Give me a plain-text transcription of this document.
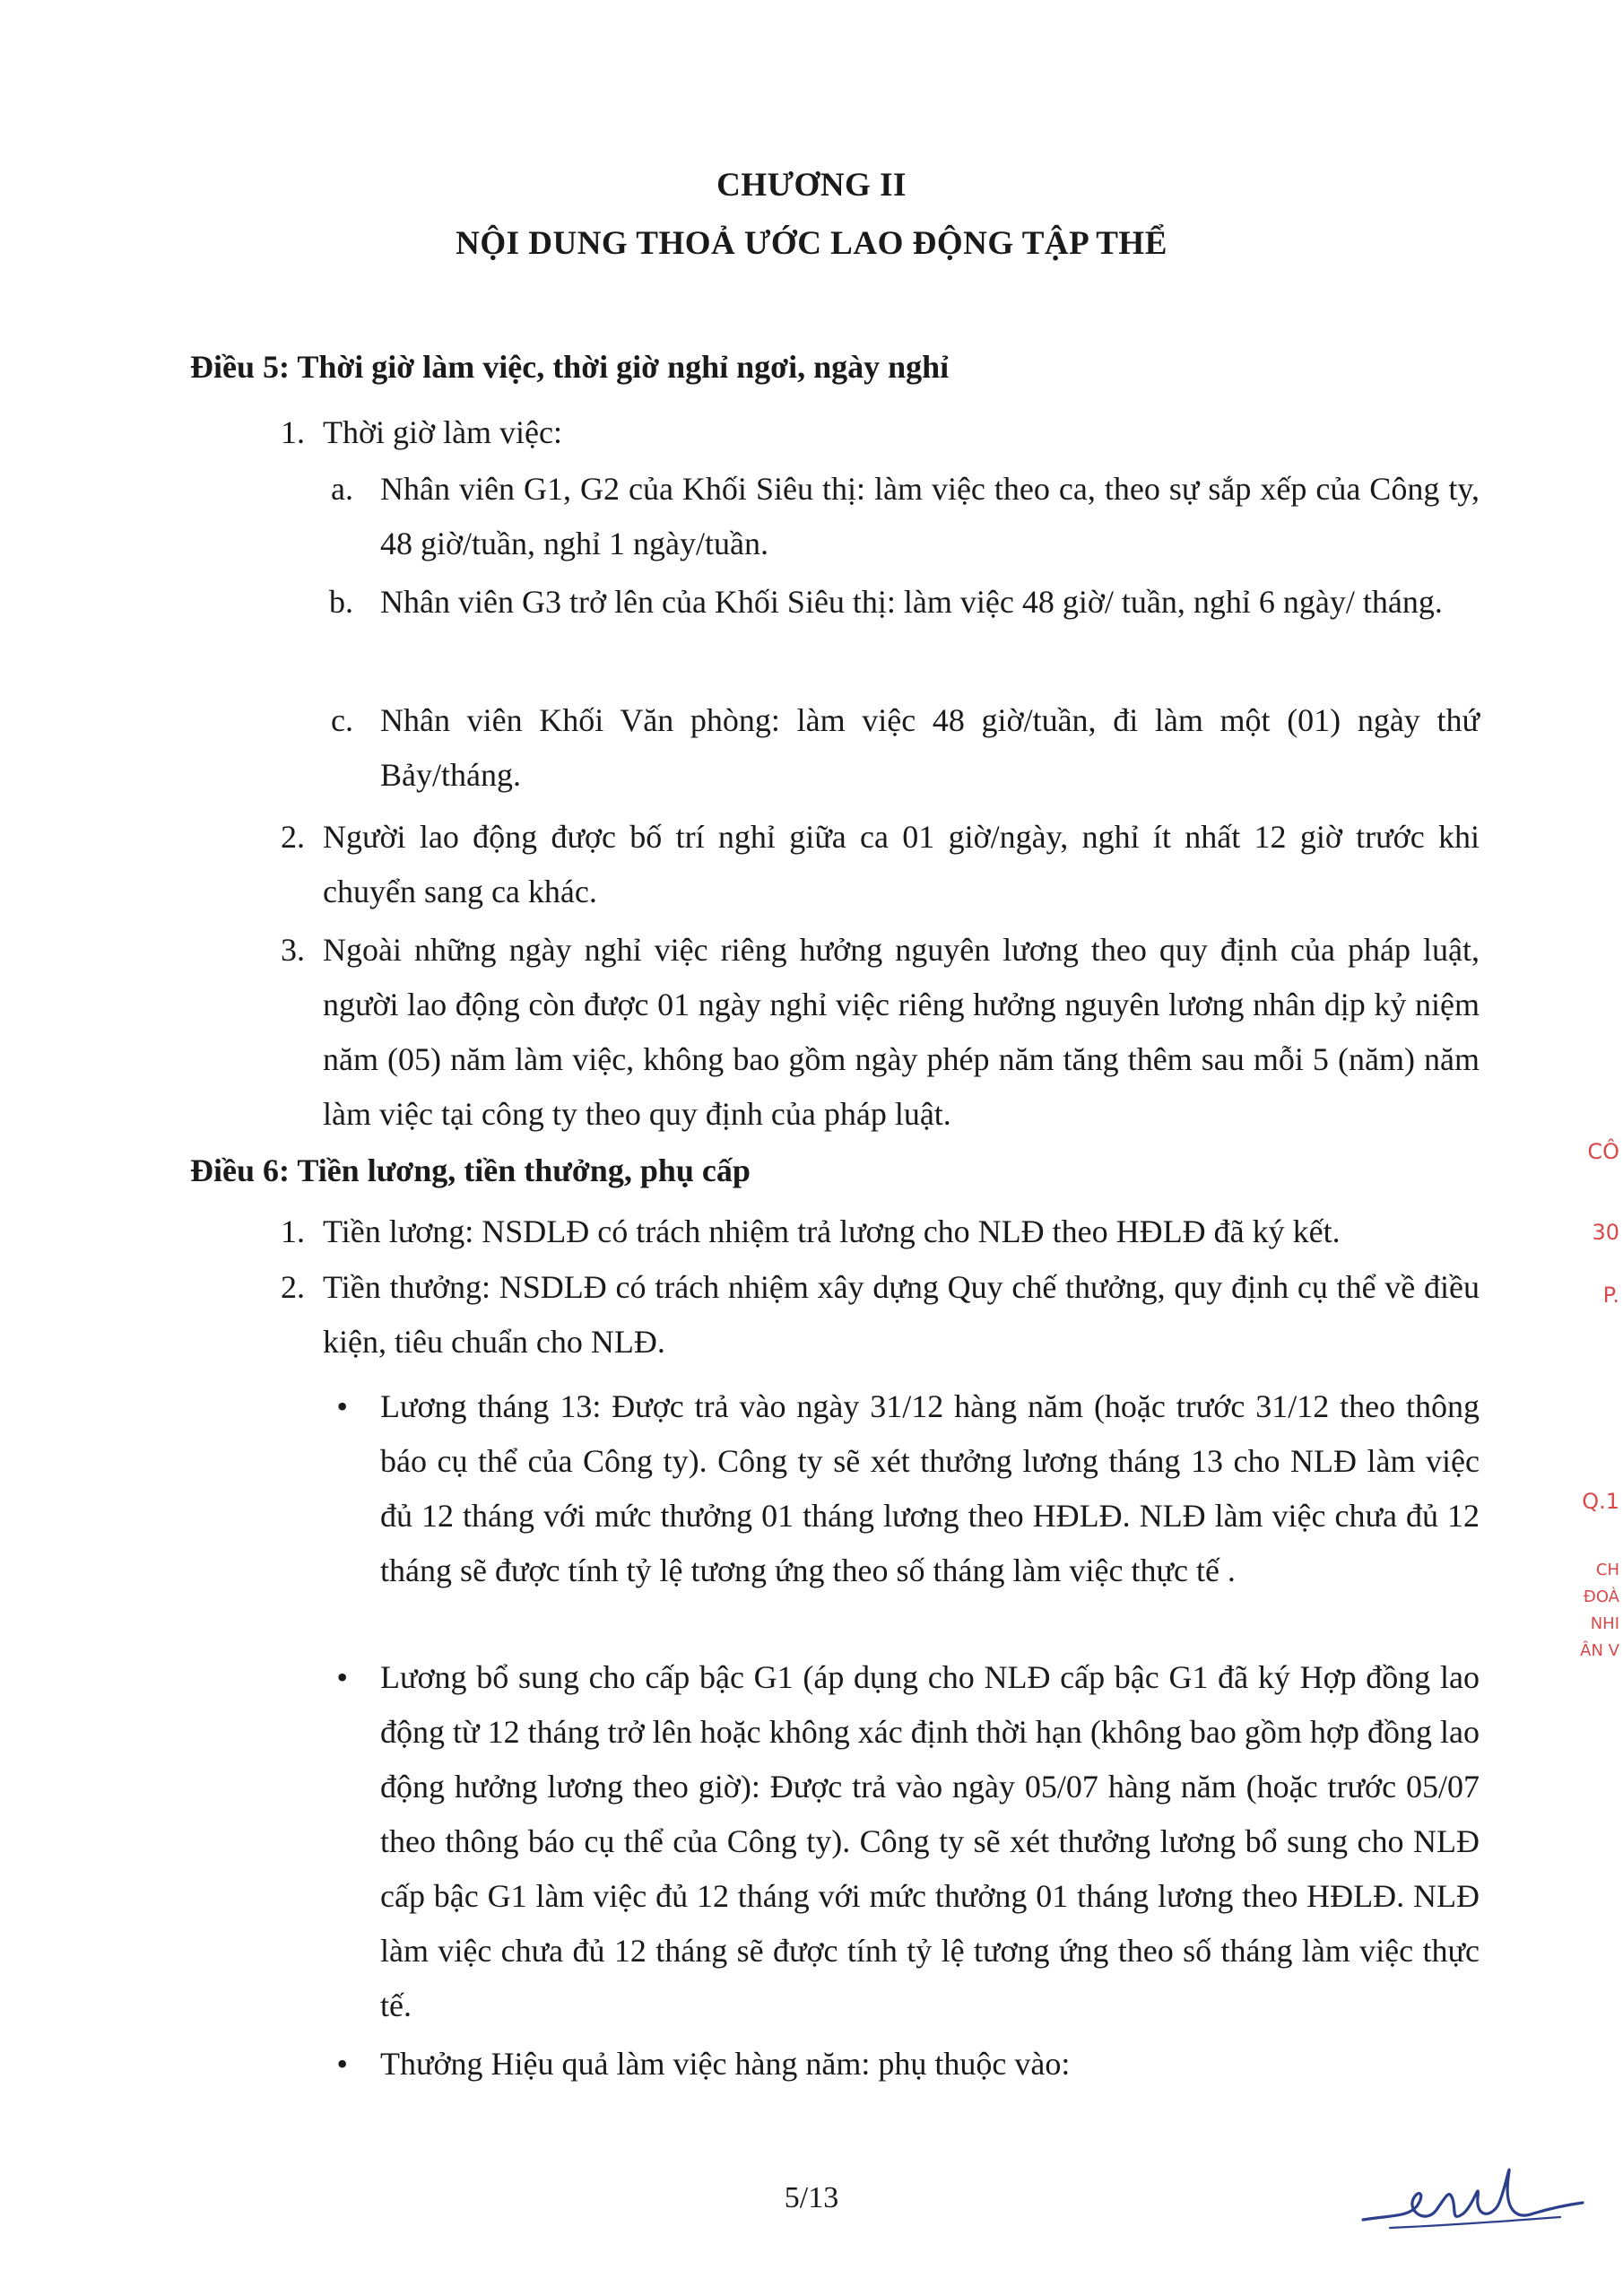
CHƯƠNG II
NỘI DUNG THOẢ ƯỚC LAO ĐỘNG TẬP THỂ
Điều 5: Thời giờ làm việc, thời giờ nghỉ ngơi, ngày nghỉ
1. Thời giờ làm việc:
a. Nhân viên G1, G2 của Khối Siêu thị: làm việc theo ca, theo sự sắp xếp của Công ty, 48 giờ/tuần, nghỉ 1 ngày/tuần.
b. Nhân viên G3 trở lên của Khối Siêu thị: làm việc 48 giờ/ tuần, nghỉ 6 ngày/ tháng.
c. Nhân viên Khối Văn phòng: làm việc 48 giờ/tuần, đi làm một (01) ngày thứ Bảy/tháng.
2. Người lao động được bố trí nghỉ giữa ca 01 giờ/ngày, nghỉ ít nhất 12 giờ trước khi chuyển sang ca khác.
3. Ngoài những ngày nghỉ việc riêng hưởng nguyên lương theo quy định của pháp luật, người lao động còn được 01 ngày nghỉ việc riêng hưởng nguyên lương nhân dịp kỷ niệm năm (05) năm làm việc, không bao gồm ngày phép năm tăng thêm sau mỗi 5 (năm) năm làm việc tại công ty theo quy định của pháp luật.
Điều 6: Tiền lương, tiền thưởng, phụ cấp
1. Tiền lương: NSDLĐ có trách nhiệm trả lương cho NLĐ theo HĐLĐ đã ký kết.
2. Tiền thưởng: NSDLĐ có trách nhiệm xây dựng Quy chế thưởng, quy định cụ thể về điều kiện, tiêu chuẩn cho NLĐ.
• Lương tháng 13: Được trả vào ngày 31/12 hàng năm (hoặc trước 31/12 theo thông báo cụ thể của Công ty). Công ty sẽ xét thưởng lương tháng 13 cho NLĐ làm việc đủ 12 tháng với mức thưởng 01 tháng lương theo HĐLĐ. NLĐ làm việc chưa đủ 12 tháng sẽ được tính tỷ lệ tương ứng theo số tháng làm việc thực tế .
• Lương bổ sung cho cấp bậc G1 (áp dụng cho NLĐ cấp bậc G1 đã ký Hợp đồng lao động từ 12 tháng trở lên hoặc không xác định thời hạn (không bao gồm hợp đồng lao động hưởng lương theo giờ): Được trả vào ngày 05/07 hàng năm (hoặc trước 05/07 theo thông báo cụ thể của Công ty). Công ty sẽ xét thưởng lương bổ sung cho NLĐ cấp bậc G1 làm việc đủ 12 tháng với mức thưởng 01 tháng lương theo HĐLĐ. NLĐ làm việc chưa đủ 12 tháng sẽ được tính tỷ lệ tương ứng theo số tháng làm việc thực tế.
• Thưởng Hiệu quả làm việc hàng năm: phụ thuộc vào:
5/13
CÔ
30
P.
Q.1
CH
ĐOÀ
NHI
ÂN V
